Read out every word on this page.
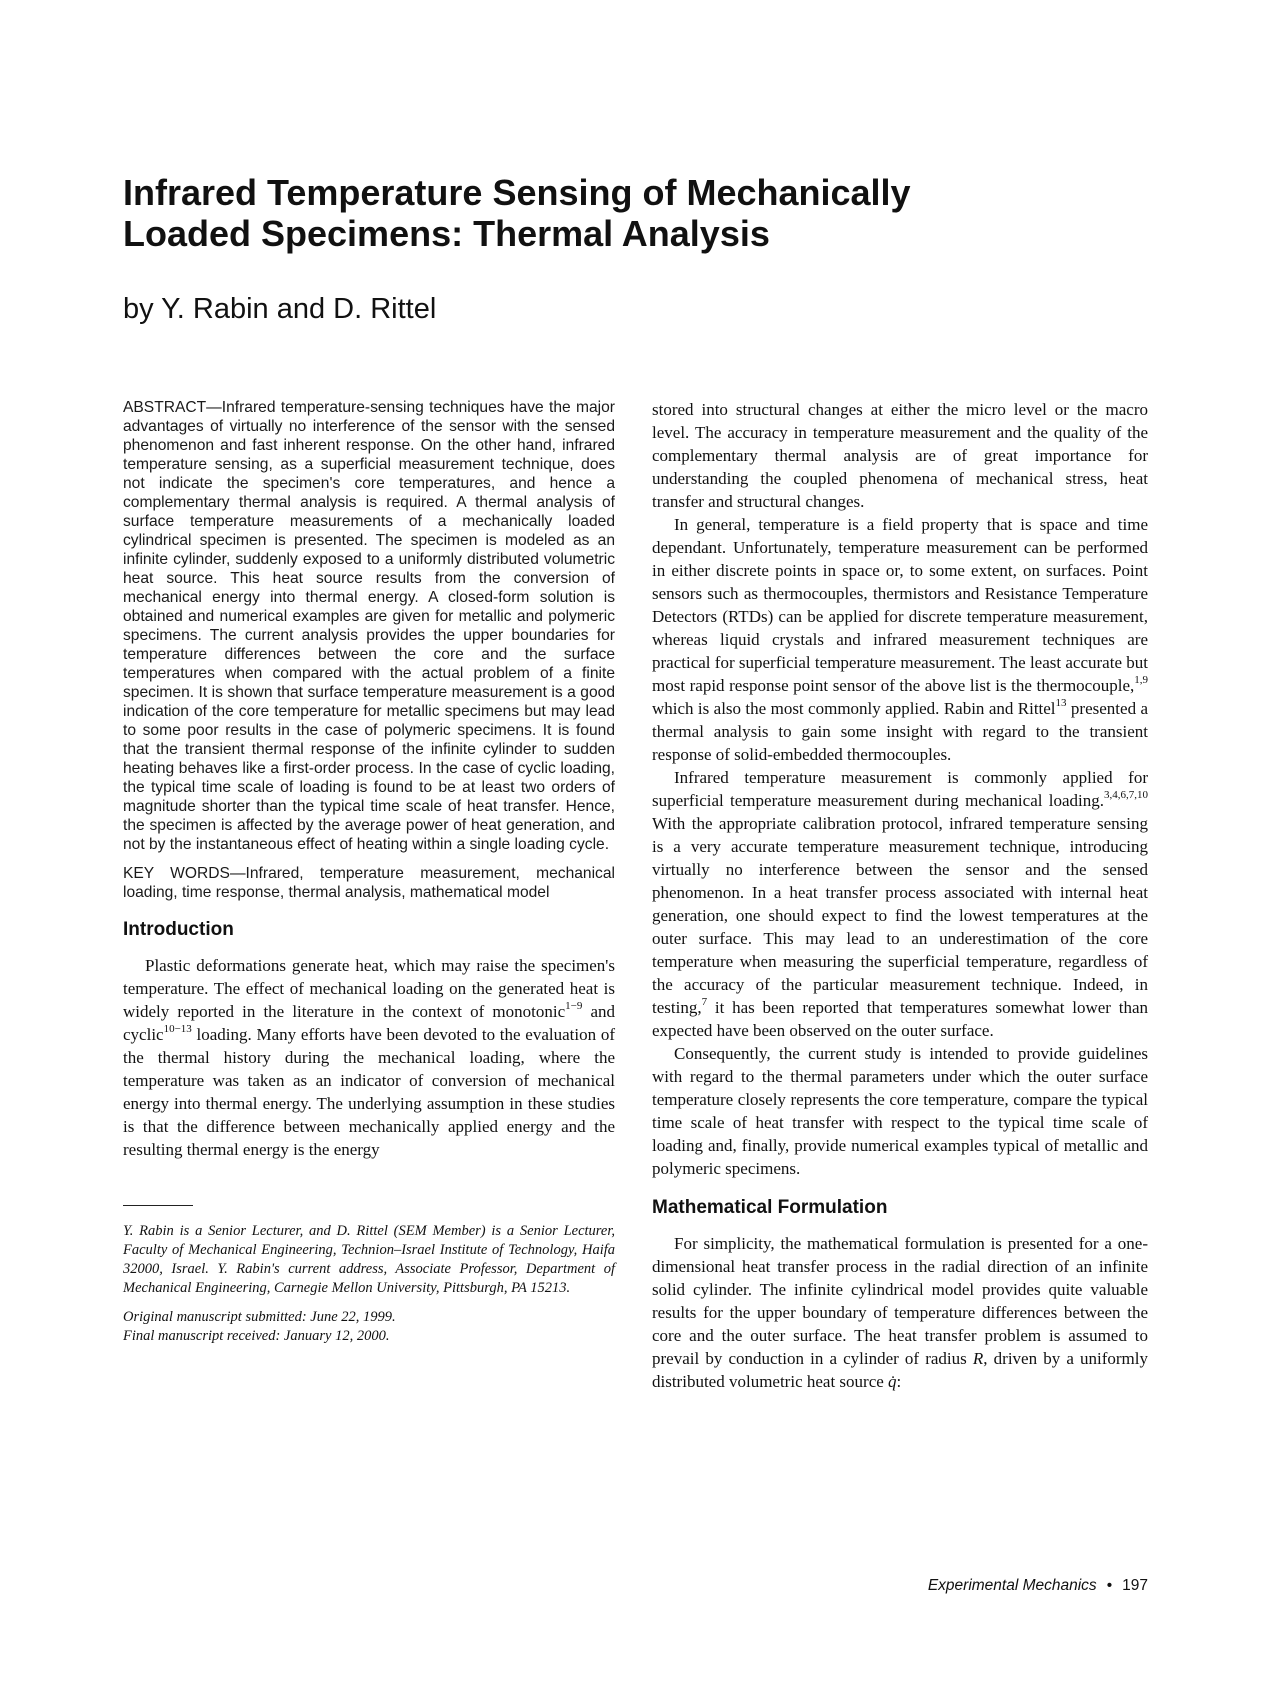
Infrared Temperature Sensing of Mechanically Loaded Specimens: Thermal Analysis

by Y. Rabin and D. Rittel

ABSTRACT—Infrared temperature-sensing techniques have the major advantages of virtually no interference of the sensor with the sensed phenomenon and fast inherent response. On the other hand, infrared temperature sensing, as a superficial measurement technique, does not indicate the specimen's core temperatures, and hence a complementary thermal analysis is required. A thermal analysis of surface temperature measurements of a mechanically loaded cylindrical specimen is presented. The specimen is modeled as an infinite cylinder, suddenly exposed to a uniformly distributed volumetric heat source. This heat source results from the conversion of mechanical energy into thermal energy. A closed-form solution is obtained and numerical examples are given for metallic and polymeric specimens. The current analysis provides the upper boundaries for temperature differences between the core and the surface temperatures when compared with the actual problem of a finite specimen. It is shown that surface temperature measurement is a good indication of the core temperature for metallic specimens but may lead to some poor results in the case of polymeric specimens. It is found that the transient thermal response of the infinite cylinder to sudden heating behaves like a first-order process. In the case of cyclic loading, the typical time scale of loading is found to be at least two orders of magnitude shorter than the typical time scale of heat transfer. Hence, the specimen is affected by the average power of heat generation, and not by the instantaneous effect of heating within a single loading cycle.

KEY WORDS—Infrared, temperature measurement, mechanical loading, time response, thermal analysis, mathematical model

Introduction

Plastic deformations generate heat, which may raise the specimen's temperature. The effect of mechanical loading on the generated heat is widely reported in the literature in the context of monotonic$^{1-9}$ and cyclic$^{10-13}$ loading. Many efforts have been devoted to the evaluation of the thermal history during the mechanical loading, where the temperature was taken as an indicator of conversion of mechanical energy into thermal energy. The underlying assumption in these studies is that the difference between mechanically applied energy and the resulting thermal energy is the energy

Y. Rabin is a Senior Lecturer, and D. Rittel (SEM Member) is a Senior Lecturer, Faculty of Mechanical Engineering, Technion–Israel Institute of Technology, Haifa 32000, Israel. Y. Rabin's current address, Associate Professor, Department of Mechanical Engineering, Carnegie Mellon University, Pittsburgh, PA 15213.

Original manuscript submitted: June 22, 1999.

Final manuscript received: January 12, 2000.

stored into structural changes at either the micro level or the macro level. The accuracy in temperature measurement and the quality of the complementary thermal analysis are of great importance for understanding the coupled phenomena of mechanical stress, heat transfer and structural changes.

In general, temperature is a field property that is space and time dependant. Unfortunately, temperature measurement can be performed in either discrete points in space or, to some extent, on surfaces. Point sensors such as thermocouples, thermistors and Resistance Temperature Detectors (RTDs) can be applied for discrete temperature measurement, whereas liquid crystals and infrared measurement techniques are practical for superficial temperature measurement. The least accurate but most rapid response point sensor of the above list is the thermocouple,$^{1,9}$ which is also the most commonly applied. Rabin and Rittel$^{13}$ presented a thermal analysis to gain some insight with regard to the transient response of solid-embedded thermocouples.

Infrared temperature measurement is commonly applied for superficial temperature measurement during mechanical loading.$^{3,4,6,7,10}$ With the appropriate calibration protocol, infrared temperature sensing is a very accurate temperature measurement technique, introducing virtually no interference between the sensor and the sensed phenomenon. In a heat transfer process associated with internal heat generation, one should expect to find the lowest temperatures at the outer surface. This may lead to an underestimation of the core temperature when measuring the superficial temperature, regardless of the accuracy of the particular measurement technique. Indeed, in testing,$^7$ it has been reported that temperatures somewhat lower than expected have been observed on the outer surface.

Consequently, the current study is intended to provide guidelines with regard to the thermal parameters under which the outer surface temperature closely represents the core temperature, compare the typical time scale of heat transfer with respect to the typical time scale of loading and, finally, provide numerical examples typical of metallic and polymeric specimens.

Mathematical Formulation

For simplicity, the mathematical formulation is presented for a one-dimensional heat transfer process in the radial direction of an infinite solid cylinder. The infinite cylindrical model provides quite valuable results for the upper boundary of temperature differences between the core and the outer surface. The heat transfer problem is assumed to prevail by conduction in a cylinder of radius R, driven by a uniformly distributed volumetric heat source q̇:

Experimental Mechanics • 197
